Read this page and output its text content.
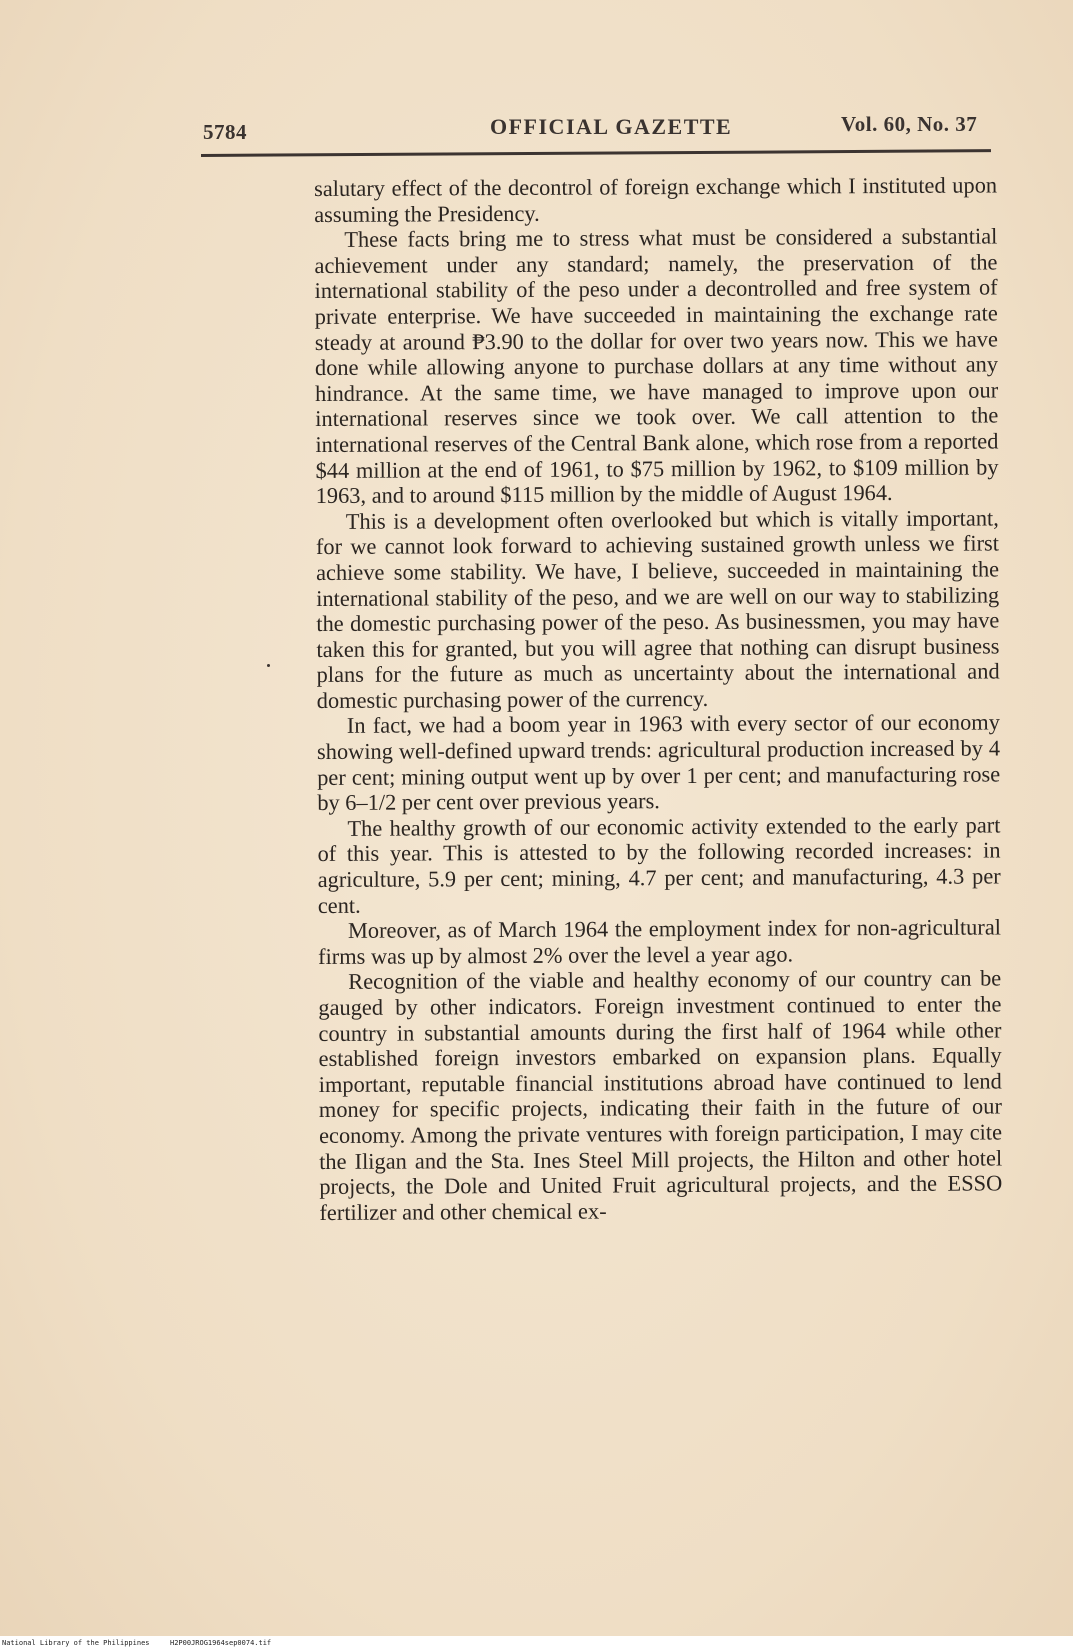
5784	OFFICIAL GAZETTE	Vol. 60, No. 37

salutary effect of the decontrol of foreign exchange which I instituted upon assuming the Presidency.

These facts bring me to stress what must be considered a substantial achievement under any standard; namely, the preservation of the international stability of the peso under a decontrolled and free system of private enterprise. We have succeeded in maintaining the exchange rate steady at around ₱3.90 to the dollar for over two years now. This we have done while allowing anyone to purchase dollars at any time without any hindrance. At the same time, we have managed to improve upon our international reserves since we took over. We call attention to the international reserves of the Central Bank alone, which rose from a reported $44 million at the end of 1961, to $75 million by 1962, to $109 million by 1963, and to around $115 million by the middle of August 1964.

This is a development often overlooked but which is vitally important, for we cannot look forward to achieving sustained growth unless we first achieve some stability. We have, I believe, succeeded in maintaining the international stability of the peso, and we are well on our way to stabilizing the domestic purchasing power of the peso. As businessmen, you may have taken this for granted, but you will agree that nothing can disrupt business plans for the future as much as uncertainty about the international and domestic purchasing power of the currency.

In fact, we had a boom year in 1963 with every sector of our economy showing well-defined upward trends: agricultural production increased by 4 per cent; mining output went up by over 1 per cent; and manufacturing rose by 6–1/2 per cent over previous years.

The healthy growth of our economic activity extended to the early part of this year. This is attested to by the following recorded increases: in agriculture, 5.9 per cent; mining, 4.7 per cent; and manufacturing, 4.3 per cent.

Moreover, as of March 1964 the employment index for non-agricultural firms was up by almost 2% over the level a year ago.

Recognition of the viable and healthy economy of our country can be gauged by other indicators. Foreign investment continued to enter the country in substantial amounts during the first half of 1964 while other established foreign investors embarked on expansion plans. Equally important, reputable financial institutions abroad have continued to lend money for specific projects, indicating their faith in the future of our economy. Among the private ventures with foreign participation, I may cite the Iligan and the Sta. Ines Steel Mill projects, the Hilton and other hotel projects, the Dole and United Fruit agricultural projects, and the ESSO fertilizer and other chemical ex-

National Library of the Philippines	H2P00JROG1964sep0074.tif
